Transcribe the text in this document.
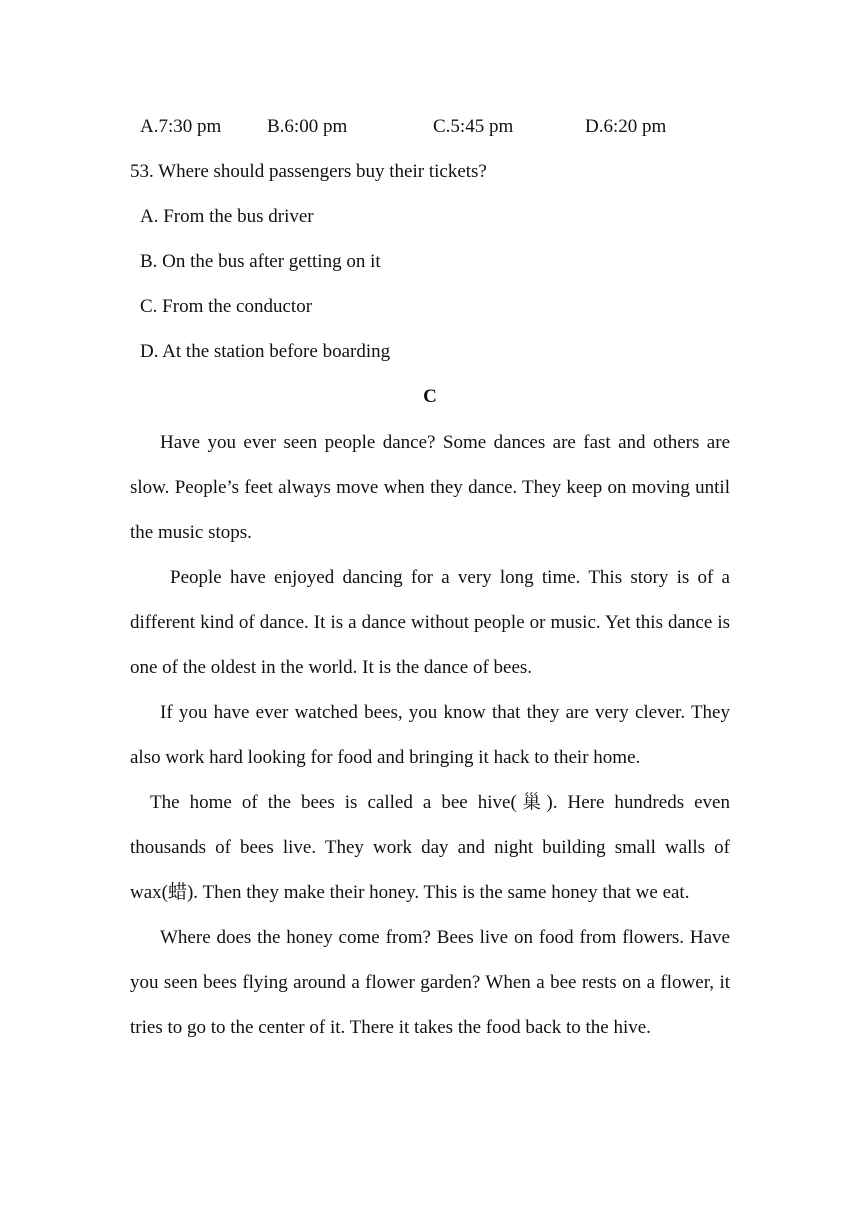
A.7:30 pm B.6:00 pm	C.5:45 pm	D.6:20 pm
53. Where should passengers buy their tickets?
A. From the bus driver
B. On the bus after getting on it
C. From the conductor
D. At the station before boarding
C

Have you ever seen people dance? Some dances are fast and others are slow. People’s feet always move when they dance. They keep on moving until the music stops.

People have enjoyed dancing for a very long time. This story is of a different kind of dance. It is a dance without people or music. Yet this dance is one of the oldest in the world. It is the dance of bees.

If you have ever watched bees, you know that they are very clever. They also work hard looking for food and bringing it hack to their home.

The home of the bees is called a bee hive(巢). Here hundreds even thousands of bees live. They work day and night building small walls of wax(蜡). Then they make their honey. This is the same honey that we eat.

Where does the honey come from? Bees live on food from flowers. Have you seen bees flying around a flower garden? When a bee rests on a flower, it tries to go to the center of it. There it takes the food back to the hive.
